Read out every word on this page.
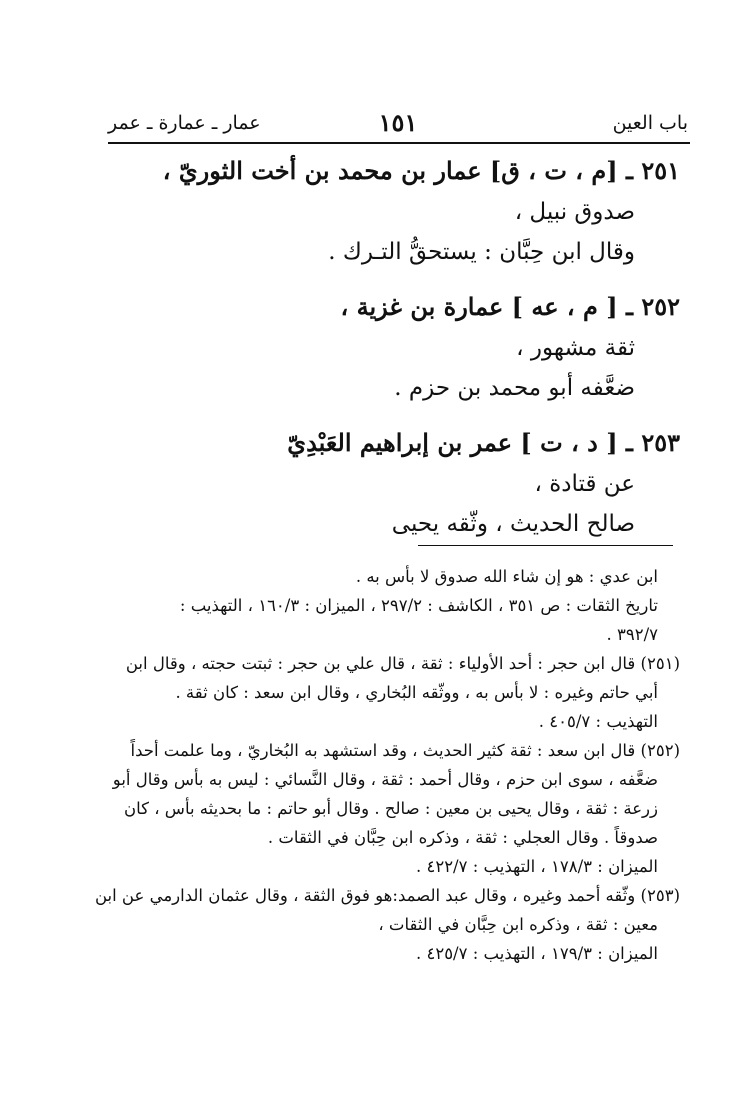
باب العين
١٥١
عمار ـ عمارة ـ عمر
٢٥١ ـ [م ، ت ، ق] عمار بن محمد بن أخت الثوريّ ،
صدوق نبيل ،
وقال ابن حِبَّان : يستحقُّ التـرك .
٢٥٢ ـ [ م ، عه ] عمارة بن غزية ،
ثقة مشهور ،
ضعَّفه أبو محمد بن حزم .
٢٥٣ ـ [ د ، ت ] عمر بن إبراهيم العَبْدِيّ
عن قتادة ،
صالح الحديث ، وثّقه يحيى

ابن عدي : هو إن شاء الله صدوق لا بأس به .

تاريخ الثقات : ص ٣٥١ ، الكاشف : ٢٩٧/٢ ، الميزان : ١٦٠/٣ ، التهذيب :

٣٩٢/٧ .

(٢٥١) قال ابن حجر : أحد الأولياء : ثقة ، قال علي بن حجر : ثبتت حجته ، وقال ابن

أبي حاتم وغيره : لا بأس به ، ووثّقه البُخاري ، وقال ابن سعد : كان ثقة .

التهذيب : ٤٠٥/٧ .

(٢٥٢) قال ابن سعد : ثقة كثير الحديث ، وقد استشهد به البُخاريّ ، وما علمت أحداً

ضعَّفه ، سوى ابن حزم ، وقال أحمد : ثقة ، وقال النَّسائي : ليس به بأس وقال أبو

زرعة : ثقة ، وقال يحيى بن معين : صالح . وقال أبو حاتم : ما بحديثه بأس ، كان

صدوقاً . وقال العجلي : ثقة ، وذكره ابن حِبَّان في الثقات .

الميزان : ١٧٨/٣ ، التهذيب : ٤٢٢/٧ .

(٢٥٣) وثّقه أحمد وغيره ، وقال عبد الصمد:هو فوق الثقة ، وقال عثمان الدارمي عن ابن

معين : ثقة ، وذكره ابن حِبَّان في الثقات ،

الميزان : ١٧٩/٣ ، التهذيب : ٤٢٥/٧ .
